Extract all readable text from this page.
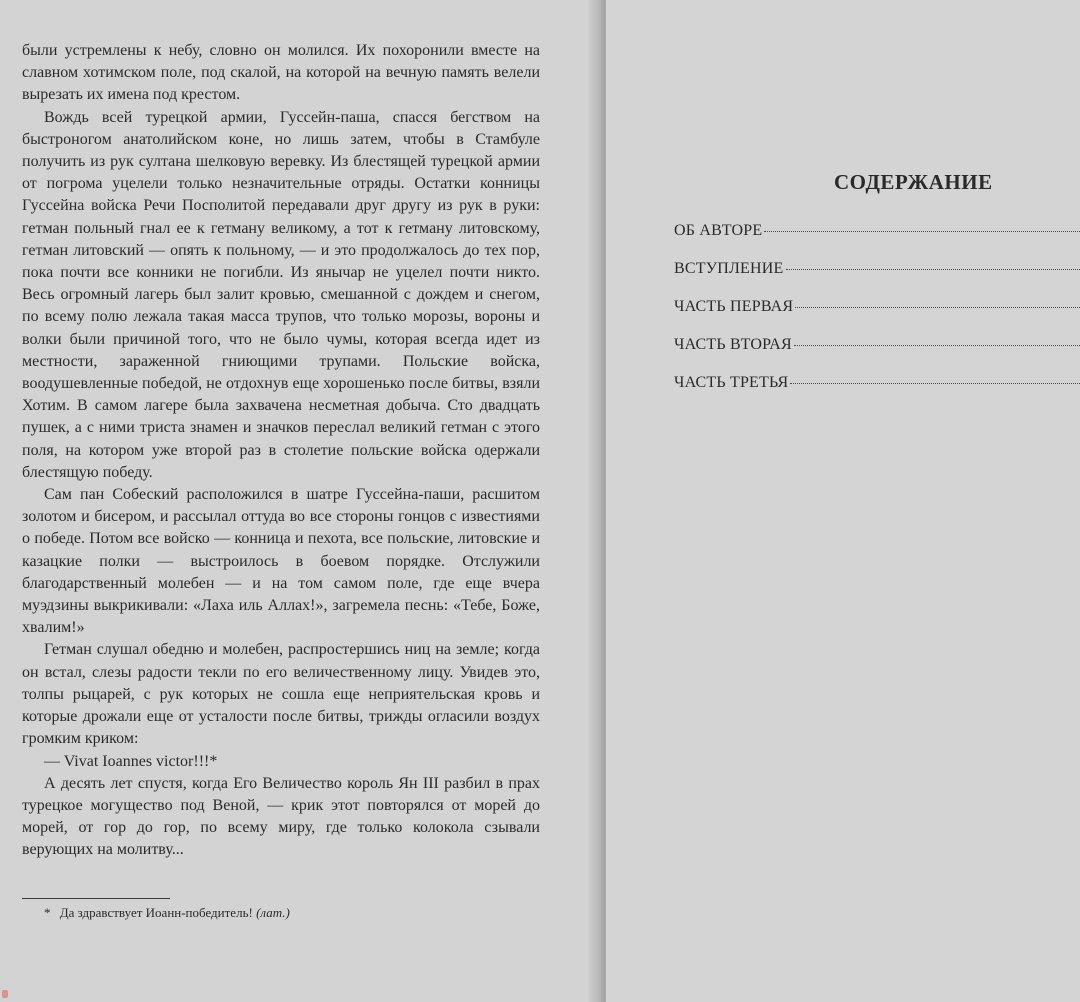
были устремлены к небу, словно он молился. Их похоронили вместе на славном хотимском поле, под скалой, на которой на вечную память велели вырезать их имена под крестом.

Вождь всей турецкой армии, Гуссейн-паша, спасся бегством на быстроногом анатолийском коне, но лишь затем, чтобы в Стамбуле получить из рук султана шелковую веревку. Из блестящей турецкой армии от погрома уцелели только незначительные отряды. Остатки конницы Гуссейна войска Речи Посполитой передавали друг другу из рук в руки: гетман польный гнал ее к гетману великому, а тот к гетману литовскому, гетман литовский — опять к польному, — и это продолжалось до тех пор, пока почти все конники не погибли. Из янычар не уцелел почти никто. Весь огромный лагерь был залит кровью, смешанной с дождем и снегом, по всему полю лежала такая масса трупов, что только морозы, вороны и волки были причиной того, что не было чумы, которая всегда идет из местности, зараженной гниющими трупами. Польские войска, воодушевленные победой, не отдохнув еще хорошенько после битвы, взяли Хотим. В самом лагере была захвачена несметная добыча. Сто двадцать пушек, а с ними триста знамен и значков переслал великий гетман с этого поля, на котором уже второй раз в столетие польские войска одержали блестящую победу.

Сам пан Собеский расположился в шатре Гуссейна-паши, расшитом золотом и бисером, и рассылал оттуда во все стороны гонцов с известиями о победе. Потом все войско — конница и пехота, все польские, литовские и казацкие полки — выстроилось в боевом порядке. Отслужили благодарственный молебен — и на том самом поле, где еще вчера муэдзины выкрикивали: «Лаха иль Аллах!», загремела песнь: «Тебе, Боже, хвалим!»

Гетман слушал обедню и молебен, распростершись ниц на земле; когда он встал, слезы радости текли по его величественному лицу. Увидев это, толпы рыцарей, с рук которых не сошла еще неприятельская кровь и которые дрожали еще от усталости после битвы, трижды огласили воздух громким криком:

— Vivat Ioannes victor!!!*

А десять лет спустя, когда Его Величество король Ян III разбил в прах турецкое могущество под Веной, — крик этот повторялся от морей до морей, от гор до гор, по всему миру, где только колокола сзывали верующих на молитву...

* Да здравствует Иоанн-победитель! (лат.)
СОДЕРЖАНИЕ
ОБ АВТОРЕ
ВСТУПЛЕНИЕ
ЧАСТЬ ПЕРВАЯ
ЧАСТЬ ВТОРАЯ
ЧАСТЬ ТРЕТЬЯ
